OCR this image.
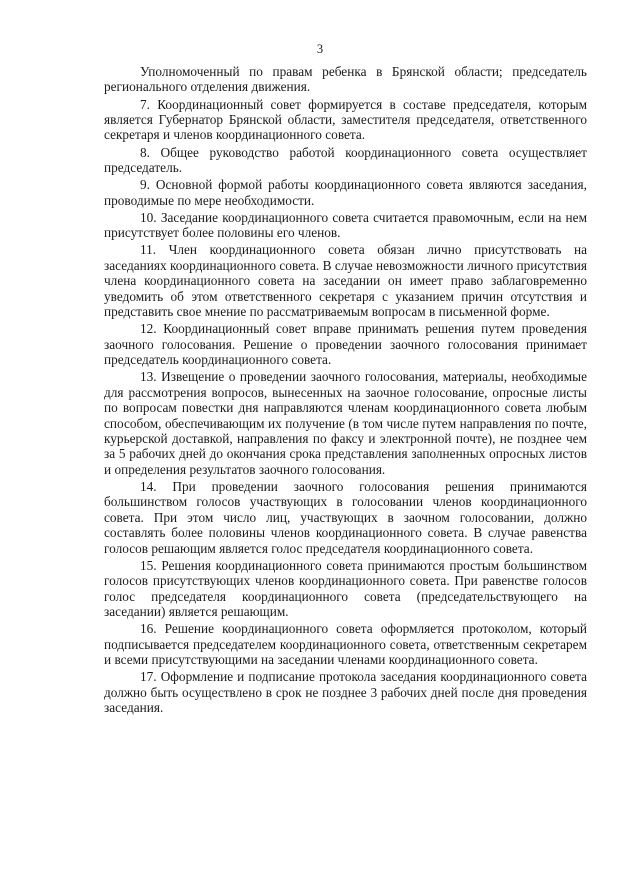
3

Уполномоченный по правам ребенка в Брянской области; председатель регионального отделения движения.

7. Координационный совет формируется в составе председателя, которым является Губернатор Брянской области, заместителя председателя, ответственного секретаря и членов координационного совета.

8. Общее руководство работой координационного совета осуществляет председатель.

9. Основной формой работы координационного совета являются заседания, проводимые по мере необходимости.

10. Заседание координационного совета считается правомочным, если на нем присутствует более половины его членов.

11. Член координационного совета обязан лично присутствовать на заседаниях координационного совета. В случае невозможности личного присутствия члена координационного совета на заседании он имеет право заблаговременно уведомить об этом ответственного секретаря с указанием причин отсутствия и представить свое мнение по рассматриваемым вопросам в письменной форме.

12. Координационный совет вправе принимать решения путем проведения заочного голосования. Решение о проведении заочного голосования принимает председатель координационного совета.

13. Извещение о проведении заочного голосования, материалы, необходимые для рассмотрения вопросов, вынесенных на заочное голосование, опросные листы по вопросам повестки дня направляются членам координационного совета любым способом, обеспечивающим их получение (в том числе путем направления по почте, курьерской доставкой, направления по факсу и электронной почте), не позднее чем за 5 рабочих дней до окончания срока представления заполненных опросных листов и определения результатов заочного голосования.

14. При проведении заочного голосования решения принимаются большинством голосов участвующих в голосовании членов координационного совета. При этом число лиц, участвующих в заочном голосовании, должно составлять более половины членов координационного совета. В случае равенства голосов решающим является голос председателя координационного совета.

15. Решения координационного совета принимаются простым большинством голосов присутствующих членов координационного совета. При равенстве голосов голос председателя координационного совета (председательствующего на заседании) является решающим.

16. Решение координационного совета оформляется протоколом, который подписывается председателем координационного совета, ответственным секретарем и всеми присутствующими на заседании членами координационного совета.

17. Оформление и подписание протокола заседания координационного совета должно быть осуществлено в срок не позднее 3 рабочих дней после дня проведения заседания.
